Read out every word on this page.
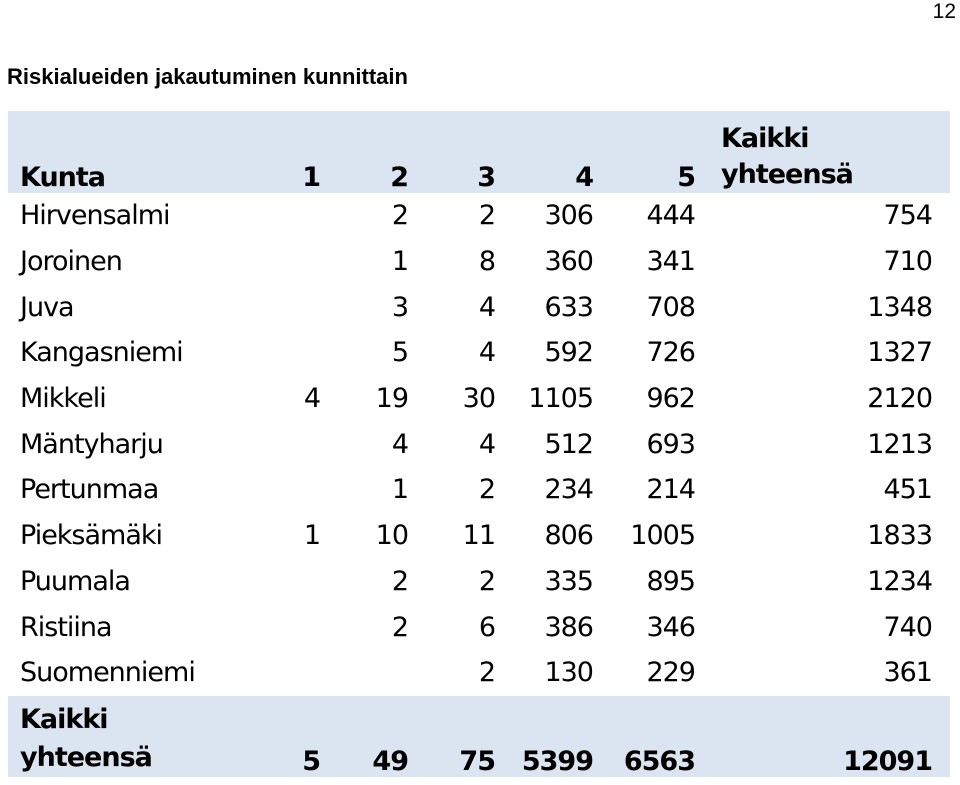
12
Riskialueiden jakautuminen kunnittain
Kunta	1	2	3	4	5	Kaikki
yhteensä
Hirvensalmi		2	2	306	444	754
Joroinen		1	8	360	341	710
Juva		3	4	633	708	1348
Kangasniemi		5	4	592	726	1327
Mikkeli	4	19	30	1105	962	2120
Mäntyharju		4	4	512	693	1213
Pertunmaa		1	2	234	214	451
Pieksämäki	1	10	11	806	1005	1833
Puumala		2	2	335	895	1234
Ristiina		2	6	386	346	740
Suomenniemi			2	130	229	361
Kaikki
yhteensä	5	49	75	5399	6563	12091
